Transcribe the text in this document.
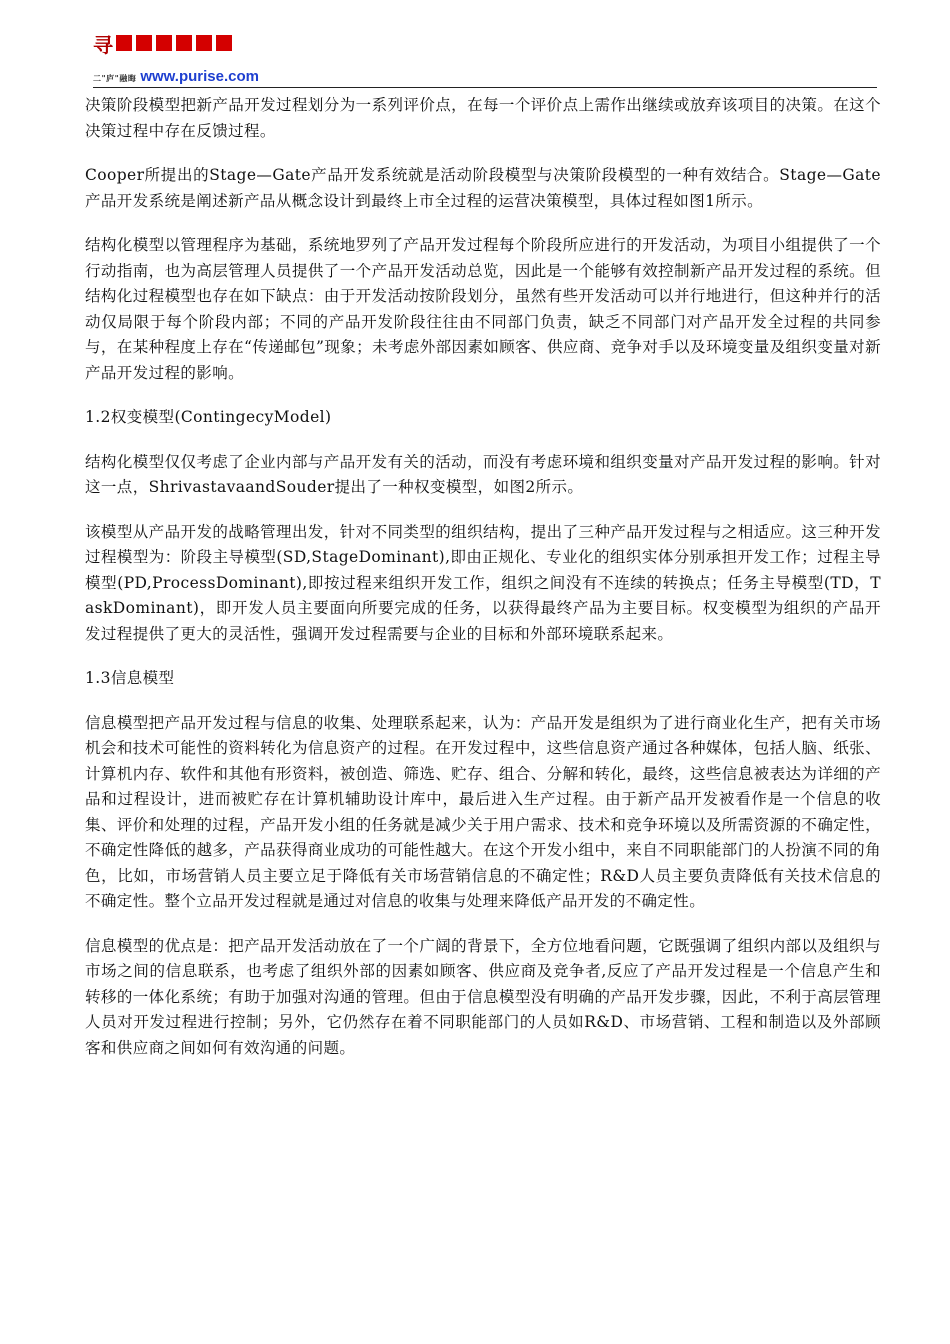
寻
二"庐"融晦 www.purise.com

决策阶段模型把新产品开发过程划分为一系列评价点，在每一个评价点上需作出继续或放弃该项目的决策。在这个决策过程中存在反馈过程。

Cooper所提出的Stage—Gate产品开发系统就是活动阶段模型与决策阶段模型的一种有效结合。Stage—Gate产品开发系统是阐述新产品从概念设计到最终上市全过程的运营决策模型，具体过程如图1所示。

结构化模型以管理程序为基础，系统地罗列了产品开发过程每个阶段所应进行的开发活动，为项目小组提供了一个行动指南，也为高层管理人员提供了一个产品开发活动总览，因此是一个能够有效控制新产品开发过程的系统。但结构化过程模型也存在如下缺点：由于开发活动按阶段划分，虽然有些开发活动可以并行地进行，但这种并行的活动仅局限于每个阶段内部；不同的产品开发阶段往往由不同部门负责，缺乏不同部门对产品开发全过程的共同参与，在某种程度上存在“传递邮包”现象；未考虑外部因素如顾客、供应商、竞争对手以及环境变量及组织变量对新产品开发过程的影响。

1.2权变模型(ContingecyModel)

结构化模型仅仅考虑了企业内部与产品开发有关的活动，而没有考虑环境和组织变量对产品开发过程的影响。针对这一点，ShrivastavaandSouder提出了一种权变模型，如图2所示。

该模型从产品开发的战略管理出发，针对不同类型的组织结构，提出了三种产品开发过程与之相适应。这三种开发过程模型为：阶段主导模型(SD,StageDominant),即由正规化、专业化的组织实体分别承担开发工作；过程主导模型(PD,ProcessDominant),即按过程来组织开发工作，组织之间没有不连续的转换点；任务主导模型(TD，TaskDominant)，即开发人员主要面向所要完成的任务，以获得最终产品为主要目标。权变模型为组织的产品开发过程提供了更大的灵活性，强调开发过程需要与企业的目标和外部环境联系起来。

1.3信息模型

信息模型把产品开发过程与信息的收集、处理联系起来，认为：产品开发是组织为了进行商业化生产，把有关市场机会和技术可能性的资料转化为信息资产的过程。在开发过程中，这些信息资产通过各种媒体，包括人脑、纸张、计算机内存、软件和其他有形资料，被创造、筛选、贮存、组合、分解和转化，最终，这些信息被表达为详细的产品和过程设计，进而被贮存在计算机辅助设计库中，最后进入生产过程。由于新产品开发被看作是一个信息的收集、评价和处理的过程，产品开发小组的任务就是减少关于用户需求、技术和竞争环境以及所需资源的不确定性，不确定性降低的越多，产品获得商业成功的可能性越大。在这个开发小组中，来自不同职能部门的人扮演不同的角色，比如，市场营销人员主要立足于降低有关市场营销信息的不确定性；R&D人员主要负责降低有关技术信息的不确定性。整个立品开发过程就是通过对信息的收集与处理来降低产品开发的不确定性。

信息模型的优点是：把产品开发活动放在了一个广阔的背景下，全方位地看问题，它既强调了组织内部以及组织与市场之间的信息联系，也考虑了组织外部的因素如顾客、供应商及竞争者,反应了产品开发过程是一个信息产生和转移的一体化系统；有助于加强对沟通的管理。但由于信息模型没有明确的产品开发步骤，因此，不利于高层管理人员对开发过程进行控制；另外，它仍然存在着不同职能部门的人员如R&D、市场营销、工程和制造以及外部顾客和供应商之间如何有效沟通的问题。
